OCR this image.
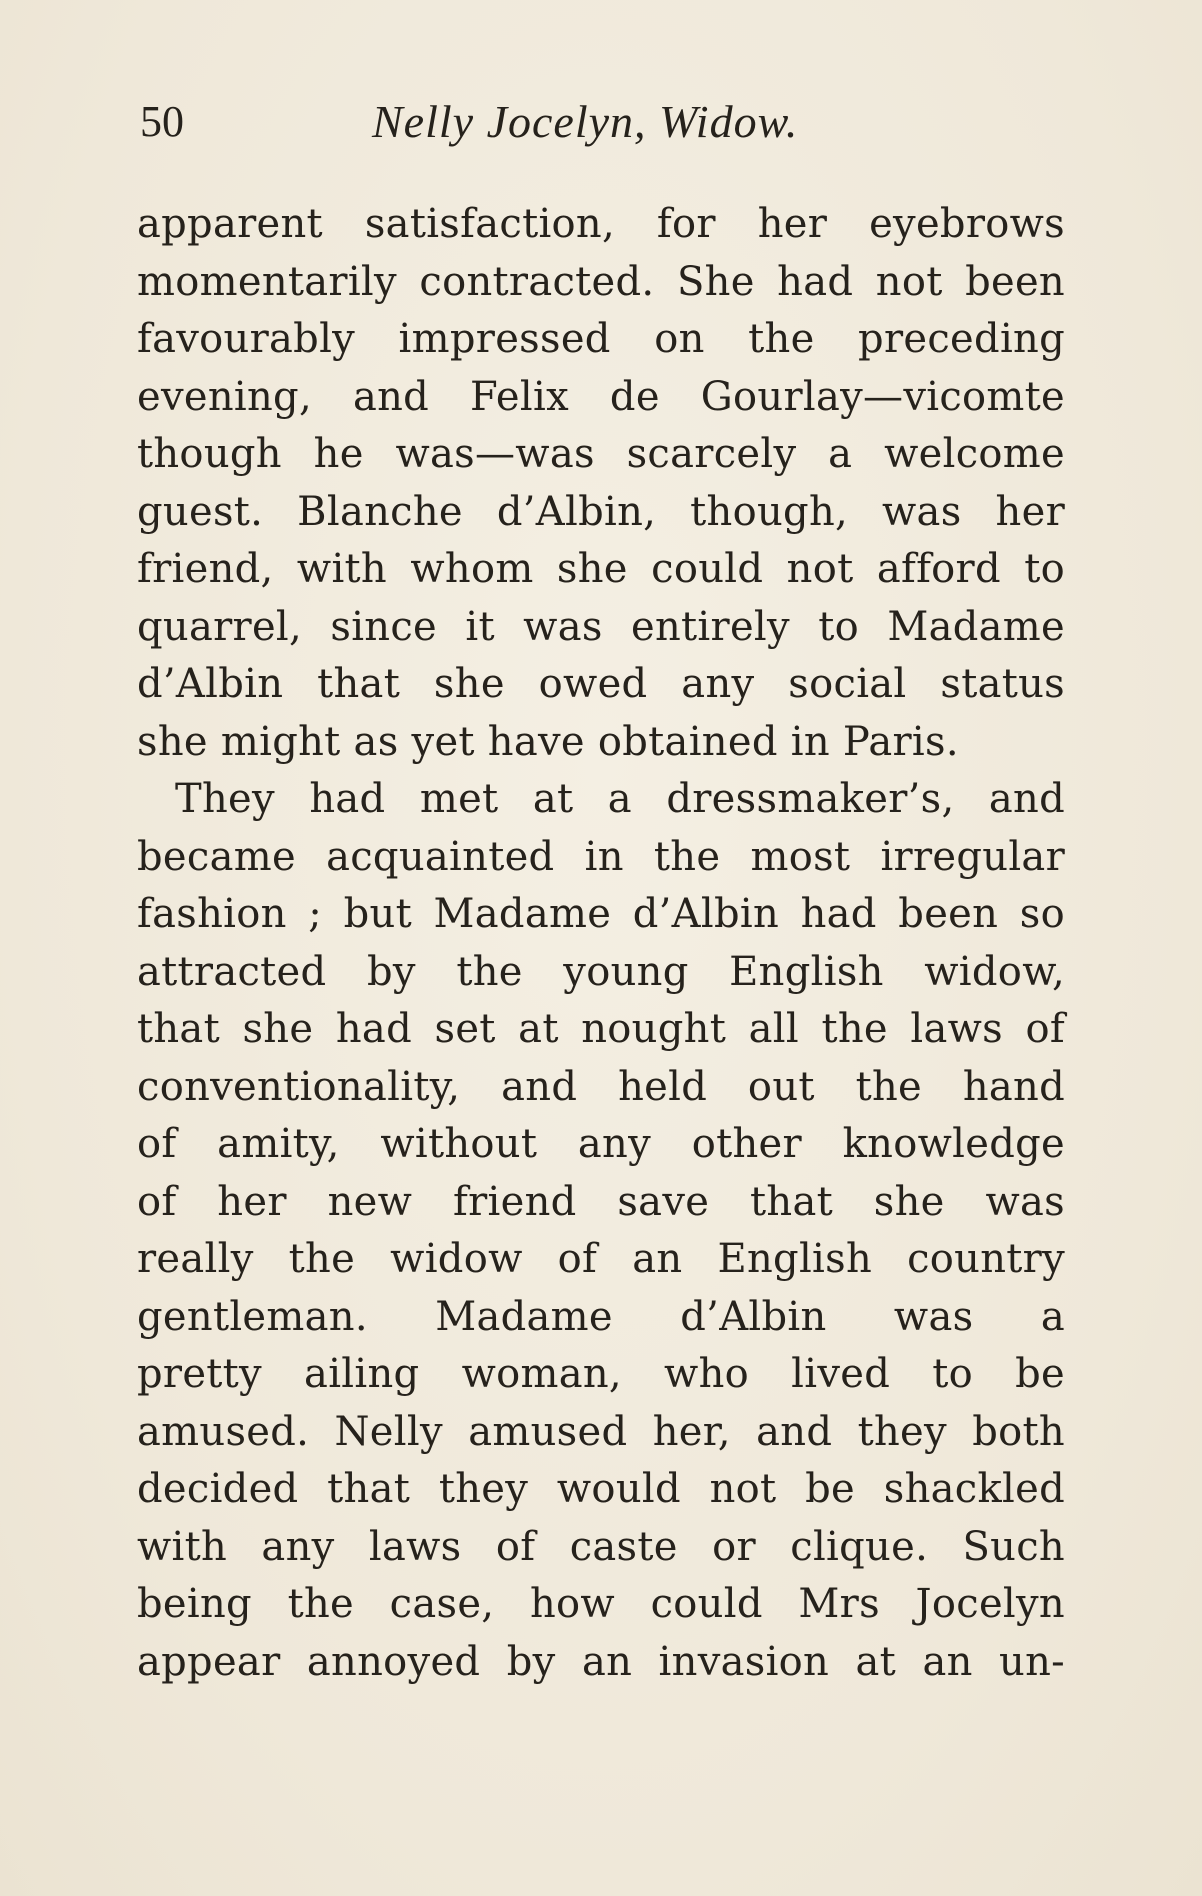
50	Nelly Jocelyn, Widow.
apparent satisfaction, for her eyebrows
momentarily contracted. She had not been
favourably impressed on the preceding
evening, and Felix de Gourlay—vicomte
though he was—was scarcely a welcome
guest. Blanche d’Albin, though, was her
friend, with whom she could not afford to
quarrel, since it was entirely to Madame
d’Albin that she owed any social status
she might as yet have obtained in Paris.
They had met at a dressmaker’s, and
became acquainted in the most irregular
fashion ; but Madame d’Albin had been so
attracted by the young English widow,
that she had set at nought all the laws of
conventionality, and held out the hand
of amity, without any other knowledge
of her new friend save that she was
really the widow of an English country
gentleman. Madame d’Albin was a
pretty ailing woman, who lived to be
amused. Nelly amused her, and they both
decided that they would not be shackled
with any laws of caste or clique. Such
being the case, how could Mrs Jocelyn
appear annoyed by an invasion at an un-
